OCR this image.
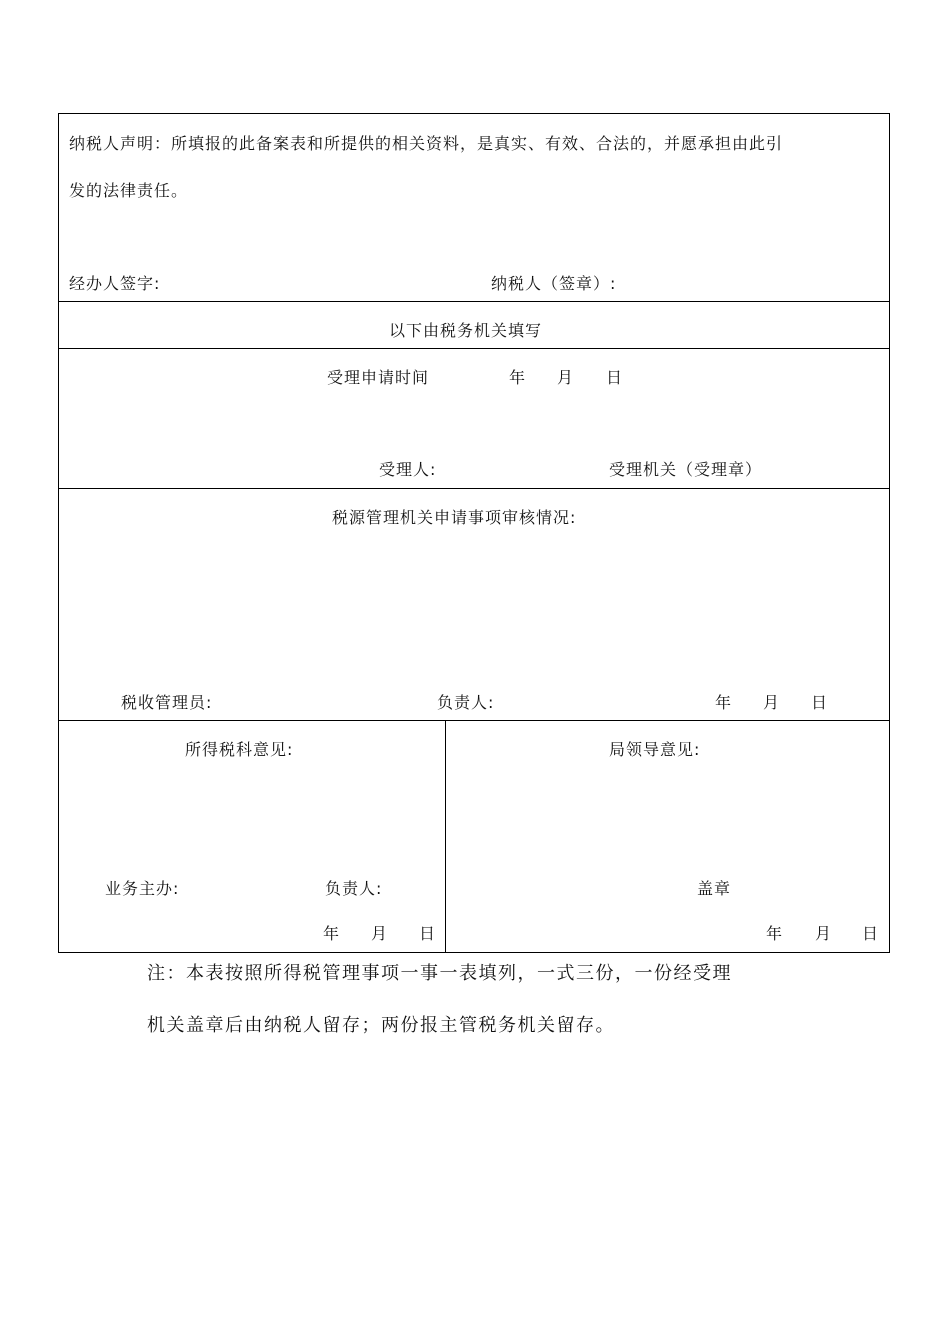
纳税人声明：所填报的此备案表和所提供的相关资料，是真实、有效、合法的，并愿承担由此引
发的法律责任。
经办人签字:	纳税人（签章）:
以下由税务机关填写
受理申请时间	年 月 日
受理人:	受理机关（受理章）
税源管理机关申请事项审核情况:
税收管理员:	负责人:	年 月 日
所得税科意见:
业务主办:	负责人:
年 月 日
局领导意见:
盖章
年 月 日
注：本表按照所得税管理事项一事一表填列，一式三份，一份经受理
机关盖章后由纳税人留存；两份报主管税务机关留存。
